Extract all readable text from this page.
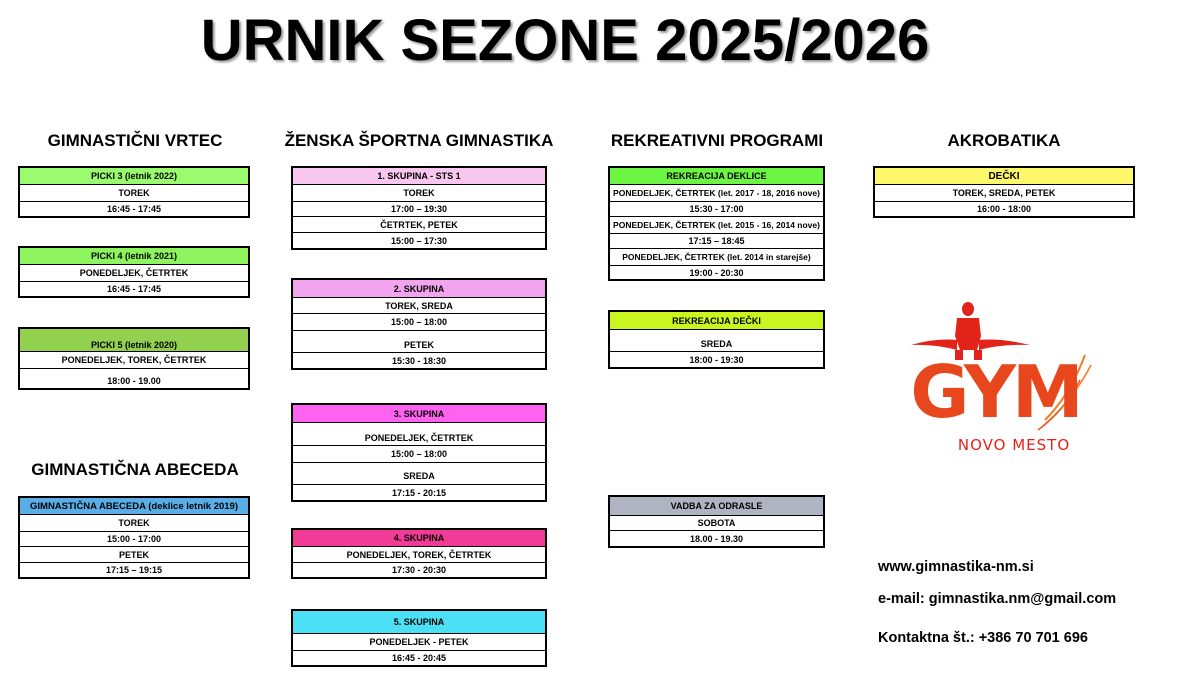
URNIK SEZONE 2025/2026
GIMNASTIČNI VRTEC	ŽENSKA ŠPORTNA GIMNASTIKA	REKREATIVNI PROGRAMI	AKROBATIKA
GIMNASTIČNA ABECEDA
PICKI 3 (letnik 2022)
TOREK
16:45 - 17:45
PICKI 4 (letnik 2021)
PONEDELJEK, ČETRTEK
16:45 - 17:45
PICKI 5 (letnik 2020)
PONEDELJEK, TOREK, ČETRTEK
18:00 - 19.00
GIMNASTIČNA ABECEDA (deklice letnik 2019)
TOREK
15:00 - 17:00
PETEK
17:15 – 19:15
1. SKUPINA - STS 1
TOREK
17:00 – 19:30
ČETRTEK, PETEK
15:00 – 17:30
2. SKUPINA
TOREK, SREDA
15:00 – 18:00
PETEK
15:30 - 18:30
3. SKUPINA
PONEDELJEK, ČETRTEK
15:00 – 18:00
SREDA
17:15 - 20:15
4. SKUPINA
PONEDELJEK, TOREK, ČETRTEK
17:30 - 20:30
5. SKUPINA
PONEDELJEK - PETEK
16:45 - 20:45
REKREACIJA DEKLICE
PONEDELJEK, ČETRTEK (let. 2017 - 18, 2016 nove)
15:30 - 17:00
PONEDELJEK, ČETRTEK (let. 2015 - 16, 2014 nove)
17:15 – 18:45
PONEDELJEK, ČETRTEK (let. 2014 in starejše)
19:00 - 20:30
REKREACIJA DEČKI
SREDA
18:00 - 19:30
VADBA ZA ODRASLE
SOBOTA
18.00 - 19.30
DEČKI
TOREK, SREDA, PETEK
16:00 - 18:00
GYM
NOVO MESTO
www.gimnastika-nm.si
e-mail: gimnastika.nm@gmail.com
Kontaktna št.: +386 70 701 696
